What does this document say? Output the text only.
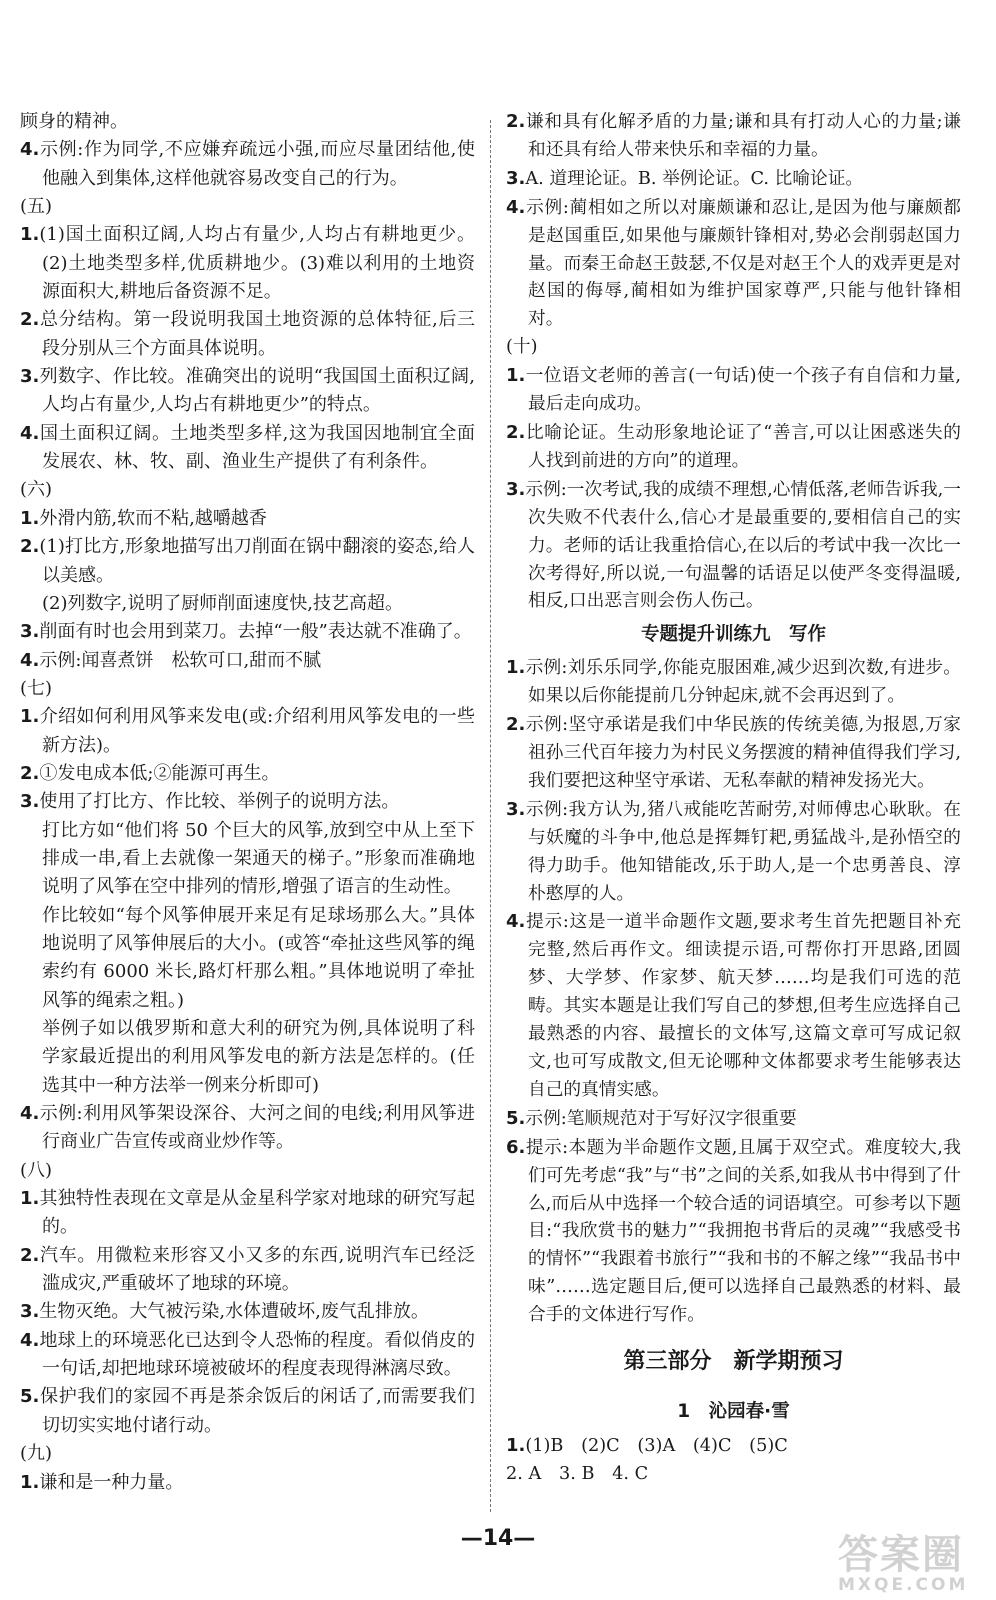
顾身的精神。

4.示例:作为同学,不应嫌弃疏远小强,而应尽量团结他,使他融入到集体,这样他就容易改变自己的行为。

(五)

1.(1)国土面积辽阔,人均占有量少,人均占有耕地更少。(2)土地类型多样,优质耕地少。(3)难以利用的土地资源面积大,耕地后备资源不足。

2.总分结构。第一段说明我国土地资源的总体特征,后三段分别从三个方面具体说明。

3.列数字、作比较。准确突出的说明“我国国土面积辽阔,人均占有量少,人均占有耕地更少”的特点。

4.国土面积辽阔。土地类型多样,这为我国因地制宜全面发展农、林、牧、副、渔业生产提供了有利条件。

(六)

1.外滑内筋,软而不粘,越嚼越香

2.(1)打比方,形象地描写出刀削面在锅中翻滚的姿态,给人以美感。

(2)列数字,说明了厨师削面速度快,技艺高超。

3.削面有时也会用到菜刀。去掉“一般”表达就不准确了。

4.示例:闻喜煮饼　松软可口,甜而不腻

(七)

1.介绍如何利用风筝来发电(或:介绍利用风筝发电的一些新方法)。

2.①发电成本低;②能源可再生。

3.使用了打比方、作比较、举例子的说明方法。

打比方如“他们将 50 个巨大的风筝,放到空中从上至下排成一串,看上去就像一架通天的梯子。”形象而准确地说明了风筝在空中排列的情形,增强了语言的生动性。

作比较如“每个风筝伸展开来足有足球场那么大。”具体地说明了风筝伸展后的大小。(或答“牵扯这些风筝的绳索约有 6000 米长,路灯杆那么粗。”具体地说明了牵扯风筝的绳索之粗。)

举例子如以俄罗斯和意大利的研究为例,具体说明了科学家最近提出的利用风筝发电的新方法是怎样的。(任选其中一种方法举一例来分析即可)

4.示例:利用风筝架设深谷、大河之间的电线;利用风筝进行商业广告宣传或商业炒作等。

(八)

1.其独特性表现在文章是从金星科学家对地球的研究写起的。

2.汽车。用微粒来形容又小又多的东西,说明汽车已经泛滥成灾,严重破坏了地球的环境。

3.生物灭绝。大气被污染,水体遭破坏,废气乱排放。

4.地球上的环境恶化已达到令人恐怖的程度。看似俏皮的一句话,却把地球环境被破坏的程度表现得淋漓尽致。

5.保护我们的家园不再是茶余饭后的闲话了,而需要我们切切实实地付诸行动。

(九)

1.谦和是一种力量。

2.谦和具有化解矛盾的力量;谦和具有打动人心的力量;谦和还具有给人带来快乐和幸福的力量。

3.A. 道理论证。B. 举例论证。C. 比喻论证。

4.示例:蔺相如之所以对廉颇谦和忍让,是因为他与廉颇都是赵国重臣,如果他与廉颇针锋相对,势必会削弱赵国力量。而秦王命赵王鼓瑟,不仅是对赵王个人的戏弄更是对赵国的侮辱,蔺相如为维护国家尊严,只能与他针锋相对。

(十)

1.一位语文老师的善言(一句话)使一个孩子有自信和力量,最后走向成功。

2.比喻论证。生动形象地论证了“善言,可以让困惑迷失的人找到前进的方向”的道理。

3.示例:一次考试,我的成绩不理想,心情低落,老师告诉我,一次失败不代表什么,信心才是最重要的,要相信自己的实力。老师的话让我重拾信心,在以后的考试中我一次比一次考得好,所以说,一句温馨的话语足以使严冬变得温暖,相反,口出恶言则会伤人伤己。

专题提升训练九　写作

1.示例:刘乐乐同学,你能克服困难,减少迟到次数,有进步。如果以后你能提前几分钟起床,就不会再迟到了。

2.示例:坚守承诺是我们中华民族的传统美德,为报恩,万家祖孙三代百年接力为村民义务摆渡的精神值得我们学习,我们要把这种坚守承诺、无私奉献的精神发扬光大。

3.示例:我方认为,猪八戒能吃苦耐劳,对师傅忠心耿耿。在与妖魔的斗争中,他总是挥舞钉耙,勇猛战斗,是孙悟空的得力助手。他知错能改,乐于助人,是一个忠勇善良、淳朴憨厚的人。

4.提示:这是一道半命题作文题,要求考生首先把题目补充完整,然后再作文。细读提示语,可帮你打开思路,团圆梦、大学梦、作家梦、航天梦……均是我们可选的范畴。其实本题是让我们写自己的梦想,但考生应选择自己最熟悉的内容、最擅长的文体写,这篇文章可写成记叙文,也可写成散文,但无论哪种文体都要求考生能够表达自己的真情实感。

5.示例:笔顺规范对于写好汉字很重要

6.提示:本题为半命题作文题,且属于双空式。难度较大,我们可先考虑“我”与“书”之间的关系,如我从书中得到了什么,而后从中选择一个较合适的词语填空。可参考以下题目:“我欣赏书的魅力”“我拥抱书背后的灵魂”“我感受书的情怀”“我跟着书旅行”“我和书的不解之缘”“我品书中味”……选定题目后,便可以选择自己最熟悉的材料、最合手的文体进行写作。

第三部分　新学期预习
1　沁园春·雪

1.(1)B　(2)C　(3)A　(4)C　(5)C

2. A　3. B　4. C

—14—	答案圈
MXQE.COM
